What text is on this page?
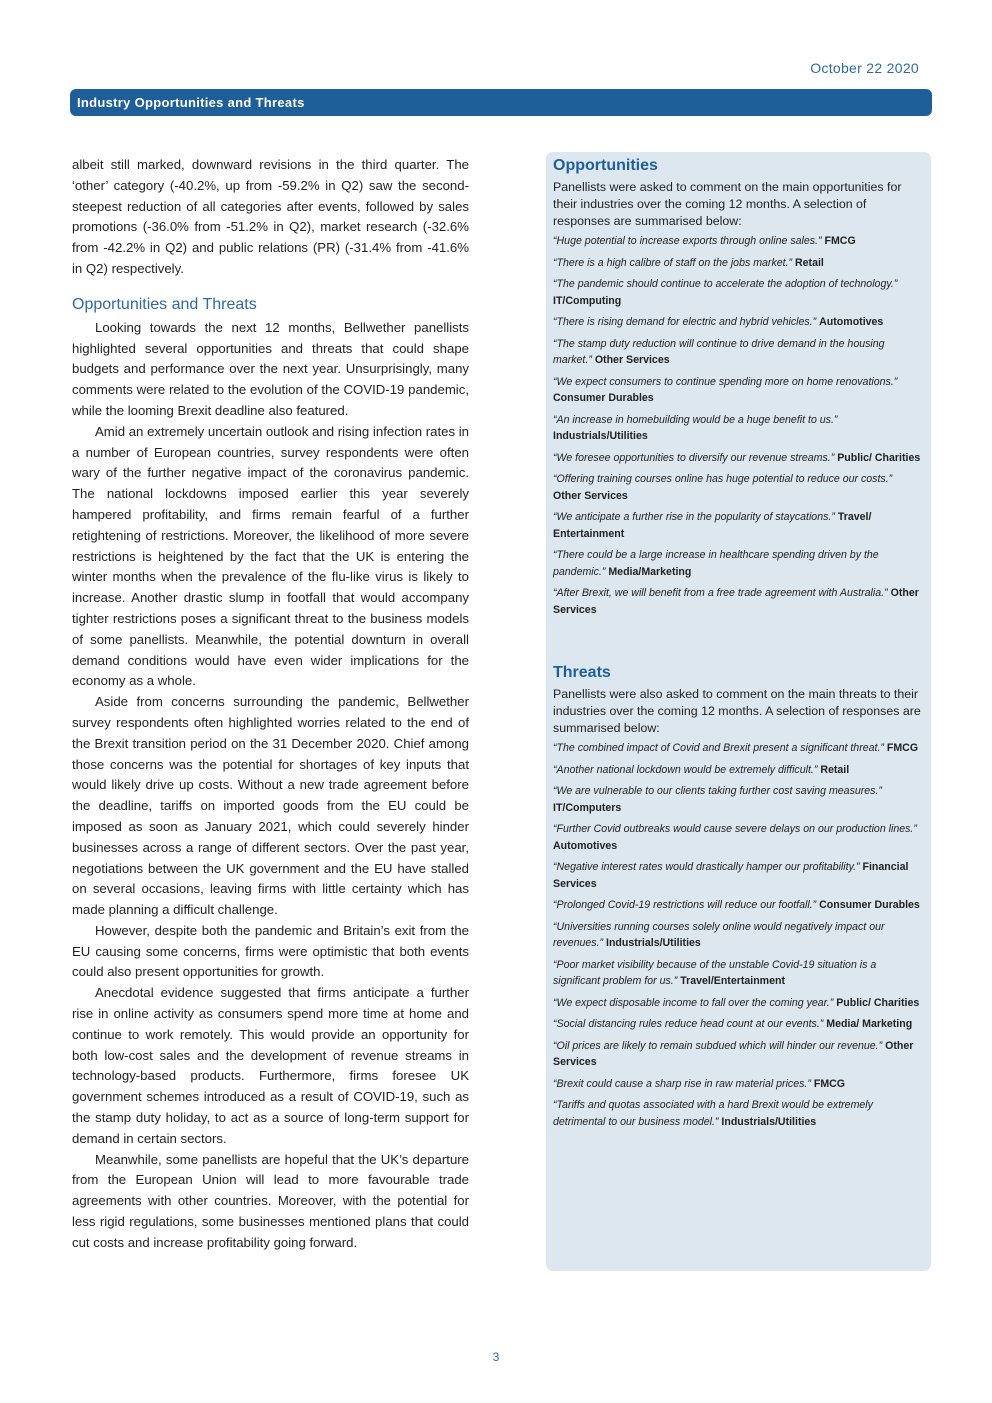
October 22 2020
Industry Opportunities and Threats

albeit still marked, downward revisions in the third quarter. The ‘other’ category (-40.2%, up from -59.2% in Q2) saw the second-steepest reduction of all categories after events, followed by sales promotions (-36.0% from -51.2% in Q2), market research (-32.6% from -42.2% in Q2) and public relations (PR) (-31.4% from -41.6% in Q2) respectively.

Opportunities and Threats

Looking towards the next 12 months, Bellwether panellists highlighted several opportunities and threats that could shape budgets and performance over the next year. Unsurprisingly, many comments were related to the evolution of the COVID-19 pandemic, while the looming Brexit deadline also featured.

Amid an extremely uncertain outlook and rising infection rates in a number of European countries, survey respondents were often wary of the further negative impact of the coronavirus pandemic. The national lockdowns imposed earlier this year severely hampered profitability, and firms remain fearful of a further retightening of restrictions. Moreover, the likelihood of more severe restrictions is heightened by the fact that the UK is entering the winter months when the prevalence of the flu-like virus is likely to increase. Another drastic slump in footfall that would accompany tighter restrictions poses a significant threat to the business models of some panellists. Meanwhile, the potential downturn in overall demand conditions would have even wider implications for the economy as a whole.

Aside from concerns surrounding the pandemic, Bellwether survey respondents often highlighted worries related to the end of the Brexit transition period on the 31 December 2020. Chief among those concerns was the potential for shortages of key inputs that would likely drive up costs. Without a new trade agreement before the deadline, tariffs on imported goods from the EU could be imposed as soon as January 2021, which could severely hinder businesses across a range of different sectors. Over the past year, negotiations between the UK government and the EU have stalled on several occasions, leaving firms with little certainty which has made planning a difficult challenge.

However, despite both the pandemic and Britain’s exit from the EU causing some concerns, firms were optimistic that both events could also present opportunities for growth.

Anecdotal evidence suggested that firms anticipate a further rise in online activity as consumers spend more time at home and continue to work remotely. This would provide an opportunity for both low-cost sales and the development of revenue streams in technology-based products. Furthermore, firms foresee UK government schemes introduced as a result of COVID-19, such as the stamp duty holiday, to act as a source of long-term support for demand in certain sectors.

Meanwhile, some panellists are hopeful that the UK’s departure from the European Union will lead to more favourable trade agreements with other countries. Moreover, with the potential for less rigid regulations, some businesses mentioned plans that could cut costs and increase profitability going forward.

Opportunities
Panellists were asked to comment on the main opportunities for their industries over the coming 12 months. A selection of responses are summarised below:
“Huge potential to increase exports through online sales.” FMCG
“There is a high calibre of staff on the jobs market.” Retail
“The pandemic should continue to accelerate the adoption of technology.” IT/Computing
“There is rising demand for electric and hybrid vehicles.” Automotives
“The stamp duty reduction will continue to drive demand in the housing market.” Other Services
“We expect consumers to continue spending more on home renovations.” Consumer Durables
“An increase in homebuilding would be a huge benefit to us.” Industrials/Utilities
“We foresee opportunities to diversify our revenue streams.” Public/ Charities
“Offering training courses online has huge potential to reduce our costs.” Other Services
“We anticipate a further rise in the popularity of staycations.” Travel/ Entertainment
“There could be a large increase in healthcare spending driven by the pandemic.” Media/Marketing
“After Brexit, we will benefit from a free trade agreement with Australia.” Other Services
Threats
Panellists were also asked to comment on the main threats to their industries over the coming 12 months. A selection of responses are summarised below:
“The combined impact of Covid and Brexit present a significant threat.” FMCG
“Another national lockdown would be extremely difficult.” Retail
“We are vulnerable to our clients taking further cost saving measures.” IT/Computers
“Further Covid outbreaks would cause severe delays on our production lines.” Automotives
“Negative interest rates would drastically hamper our profitability.” Financial Services
“Prolonged Covid-19 restrictions will reduce our footfall.” Consumer Durables
“Universities running courses solely online would negatively impact our revenues.” Industrials/Utilities
“Poor market visibility because of the unstable Covid-19 situation is a significant problem for us.” Travel/Entertainment
“We expect disposable income to fall over the coming year.” Public/ Charities
“Social distancing rules reduce head count at our events.” Media/ Marketing
“Oil prices are likely to remain subdued which will hinder our revenue.” Other Services
“Brexit could cause a sharp rise in raw material prices.” FMCG
“Tariffs and quotas associated with a hard Brexit would be extremely detrimental to our business model.” Industrials/Utilities
3
